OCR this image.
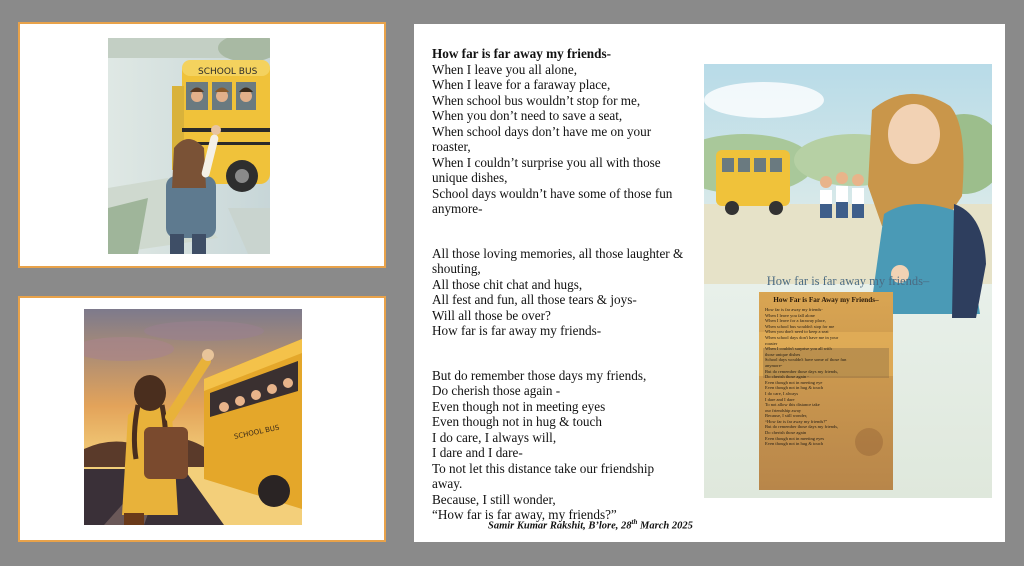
SCHOOL BUS
SCHOOL BUS
How far is far away my friends-
When I leave you all alone,
When I leave for a faraway place,
When school bus wouldn’t stop for me,
When you don’t need to save a seat,
When school days don’t have me on your
roaster,
When I couldn’t surprise you all with those
unique dishes,
School days wouldn’t have some of those fun
anymore-
All those loving memories, all those laughter &
shouting,
All those chit chat and hugs,
All fest and fun, all those tears & joys-
Will all those be over?
How far is far away my friends-
But do remember those days my friends,
Do cherish those again -
Even though not in meeting eyes
Even though not in hug & touch
I do care, I always will,
I dare and I dare-
To not let this distance take our friendship
away.
Because, I still wonder,
“How far is far away, my friends?”
Samir Kumar Rakshit, B’lore, 28th March 2025
How far is far away my friends–
How Far is Far Away my Friends–
How far is far away my friends-
When I leave you fall alone
When I leave for a faraway place,
When school bus wouldn't stop for me
When you don't need to keep a seat
When school days don't have me in your
roaster
When I couldn't surprise you all with
those unique dishes
School days wouldn't have some of those fun
anymore-
But do remember those days my friends,
Do cherish those again -
Even though not in meeting eye
Even though not in hug & touch
I do care, I always
I dare and I dare
To not allow this distance take
our friendship away
Because, I still wonder,
“How far is far away my friends?”
But do remember those days my friends,
Do cherish those again
Even though not in meeting eyes
Even though not in hug & touch
